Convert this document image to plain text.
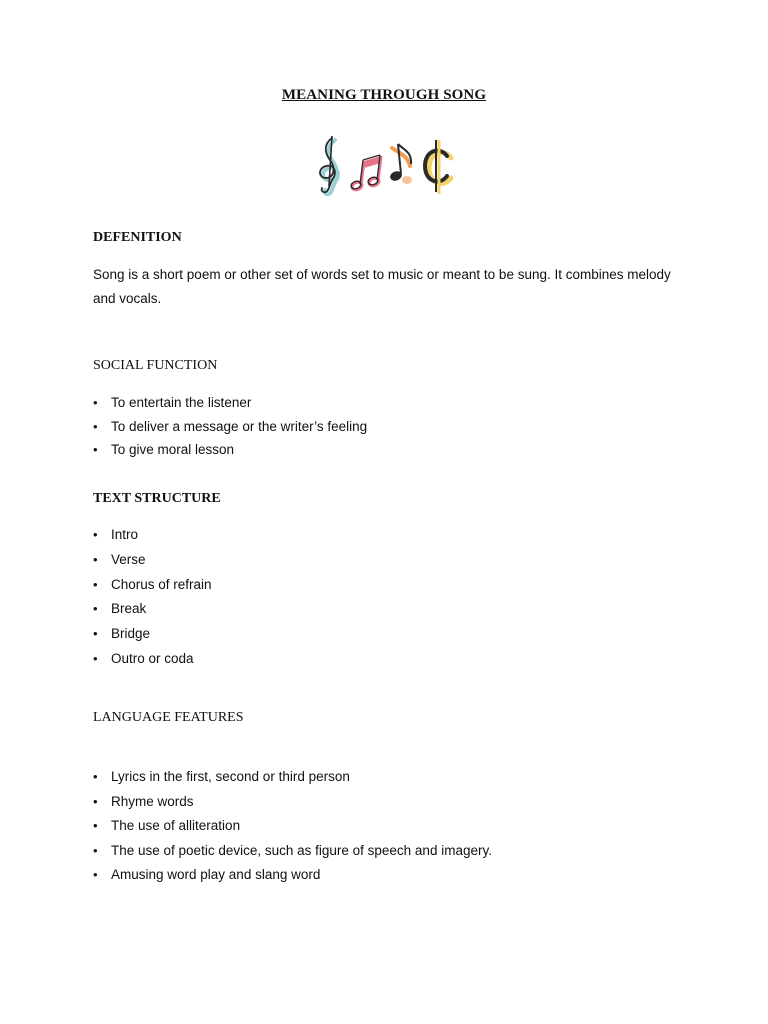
MEANING THROUGH SONG
DEFENITION
Song is a short poem or other set of words set to music or meant to be sung. It combines melody and vocals.
SOCIAL FUNCTION
• To entertain the listener
• To deliver a message or the writer’s feeling
• To give moral lesson
TEXT STRUCTURE
• Intro
• Verse
• Chorus of refrain
• Break
• Bridge
• Outro or coda
LANGUAGE FEATURES
• Lyrics in the first, second or third person
• Rhyme words
• The use of alliteration
• The use of poetic device, such as figure of speech and imagery.
• Amusing word play and slang word
